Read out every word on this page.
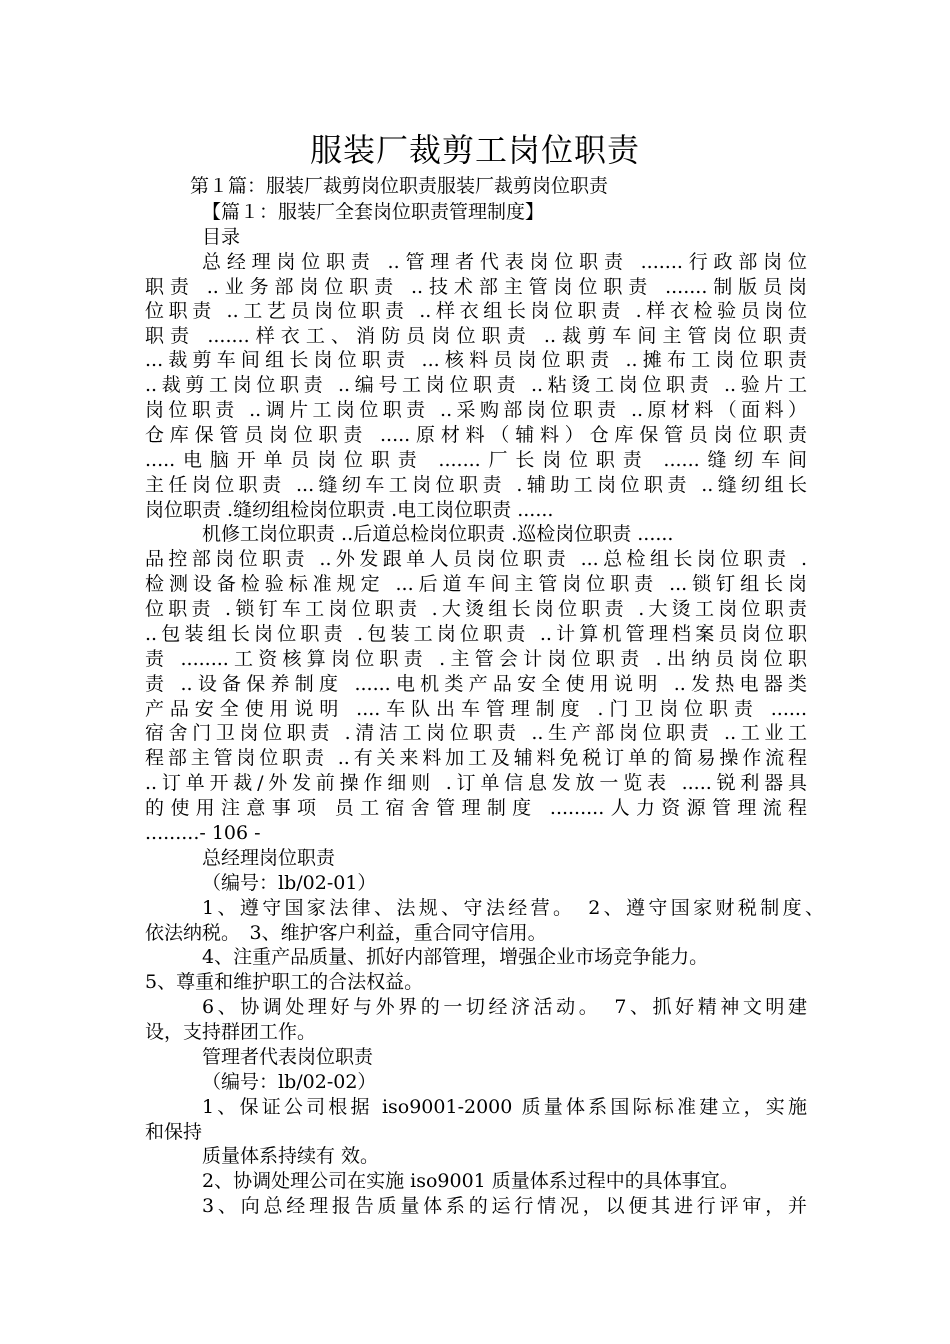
服装厂裁剪工岗位职责
第１篇：服装厂裁剪岗位职责服装厂裁剪岗位职责
【篇１：服装厂全套岗位职责管理制度】
目录
总经理岗位职责 ..管理者代表岗位职责 .......行政部岗位
职责 ..业务部岗位职责 ..技术部主管岗位职责 .......制版员岗
位职责 ..工艺员岗位职责 ..样衣组长岗位职责 .样衣检验员岗位
职责 .......样衣工、消防员岗位职责 ..裁剪车间主管岗位职责
...裁剪车间组长岗位职责 ...核料员岗位职责 ..摊布工岗位职责
..裁剪工岗位职责 ..编号工岗位职责 ..粘烫工岗位职责 ..验片工
岗位职责 ..调片工岗位职责 ..采购部岗位职责 ..原材料（面料）
仓库保管员岗位职责 .....原材料（辅料）仓库保管员岗位职责
.....电脑开单员岗位职责 .......厂长岗位职责 ......缝纫车间
主任岗位职责 ...缝纫车工岗位职责 .辅助工岗位职责 ..缝纫组长
岗位职责 .缝纫组检岗位职责 .电工岗位职责 ......
机修工岗位职责 ..后道总检岗位职责 .巡检岗位职责 ......
品控部岗位职责 ..外发跟单人员岗位职责 ...总检组长岗位职责 .
检测设备检验标准规定 ...后道车间主管岗位职责 ...锁钉组长岗
位职责 .锁钉车工岗位职责 .大烫组长岗位职责 .大烫工岗位职责
..包装组长岗位职责 .包装工岗位职责 ..计算机管理档案员岗位职
责 ........工资核算岗位职责 .主管会计岗位职责 .出纳员岗位职
责 ..设备保养制度 ......电机类产品安全使用说明 ..发热电器类
产品安全使用说明 ....车队出车管理制度 .门卫岗位职责 ......
宿舍门卫岗位职责 .清洁工岗位职责 ..生产部岗位职责 ..工业工
程部主管岗位职责 ..有关来料加工及辅料免税订单的简易操作流程
..订单开裁/外发前操作细则 .订单信息发放一览表 .....锐利器具
的使用注意事项 员工宿舍管理制度 .........人力资源管理流程
.........- 106 -
总经理岗位职责
（编号：lb/02-01）
1、遵守国家法律、法规、守法经营。　2、遵守国家财税制度、
依法纳税。　3、维护客户利益，重合同守信用。
4、注重产品质量、抓好内部管理，增强企业市场竞争能力。
5、尊重和维护职工的合法权益。
6、协调处理好与外界的一切经济活动。　7、抓好精神文明建
设，支持群团工作。
管理者代表岗位职责
（编号：lb/02-02）
1、保证公司根据 iso9001-2000 质量体系国际标准建立，实施
和保持
质量体系持续有 效。
2、协调处理公司在实施 iso9001 质量体系过程中的具体事宜。
3、向总经理报告质量体系的运行情况，以便其进行评审，并
